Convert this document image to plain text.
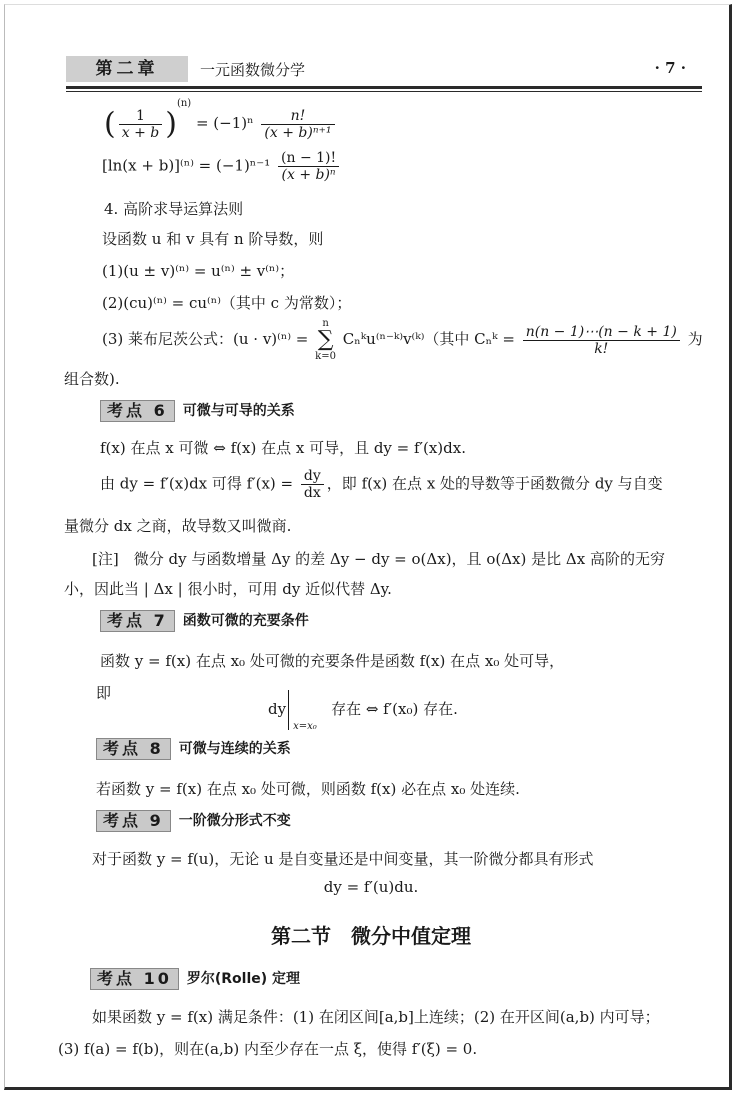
第二章	一元函数微分学	· 7 ·
( $\frac{1}{x + b} )^{(n)} = (-1)^n \frac{n!}{\text{(x + b)ⁿ⁺¹}}$
$[\ln(x + b)]^{(n)} = (-1)^{n-1} \frac{(n - 1)!}{\text{(x + b)ⁿ}}$
4. 高阶求导运算法则
设函数 u 和 v 具有 n 阶导数，则
(1)(u ± v)⁽ⁿ⁾ = u⁽ⁿ⁾ ± v⁽ⁿ⁾；
(2)(cu)⁽ⁿ⁾ = cu⁽ⁿ⁾（其中 c 为常数）；
(3) 莱布尼茨公式：(u · v)⁽ⁿ⁾ = n
∑
k=0 Cₙᵏu⁽ⁿ⁻ᵏ⁾v⁽ᵏ⁾（其中 Cₙᵏ = $\frac{n(n - 1)\cdots(n - k + 1)}{k!}$ 为
组合数).
考点 6 可微与可导的关系
f(x) 在点 x 可微 ⇔ f(x) 在点 x 可导，且 dy = f′(x)dx.
由 dy = f′(x)dx 可得 $f'(x) = \frac{dy}{dx}$ ，即 f(x) 在点 x 处的导数等于函数微分 dy 与自变
量微分 dx 之商，故导数又叫微商.
[注]　微分 dy 与函数增量 Δy 的差 Δy − dy = o(Δx)，且 o(Δx) 是比 Δx 高阶的无穷
小，因此当 | Δx | 很小时，可用 dy 近似代替 Δy.
考点 7 函数可微的充要条件
函数 y = f(x) 在点 x₀ 处可微的充要条件是函数 f(x) 在点 x₀ 处可导，
即
dy
x=x₀
存在 ⇔ f′(x₀) 存在.
考点 8 可微与连续的关系
若函数 y = f(x) 在点 x₀ 处可微，则函数 f(x) 必在点 x₀ 处连续.
考点 9 一阶微分形式不变
对于函数 y = f(u)，无论 u 是自变量还是中间变量，其一阶微分都具有形式
dy = f′(u)du.
第二节　微分中值定理
考点 10 罗尔(Rolle) 定理
如果函数 y = f(x) 满足条件：(1) 在闭区间[a,b]上连续；(2) 在开区间(a,b) 内可导；
(3) f(a) = f(b)，则在(a,b) 内至少存在一点 ξ，使得 f′(ξ) = 0.
